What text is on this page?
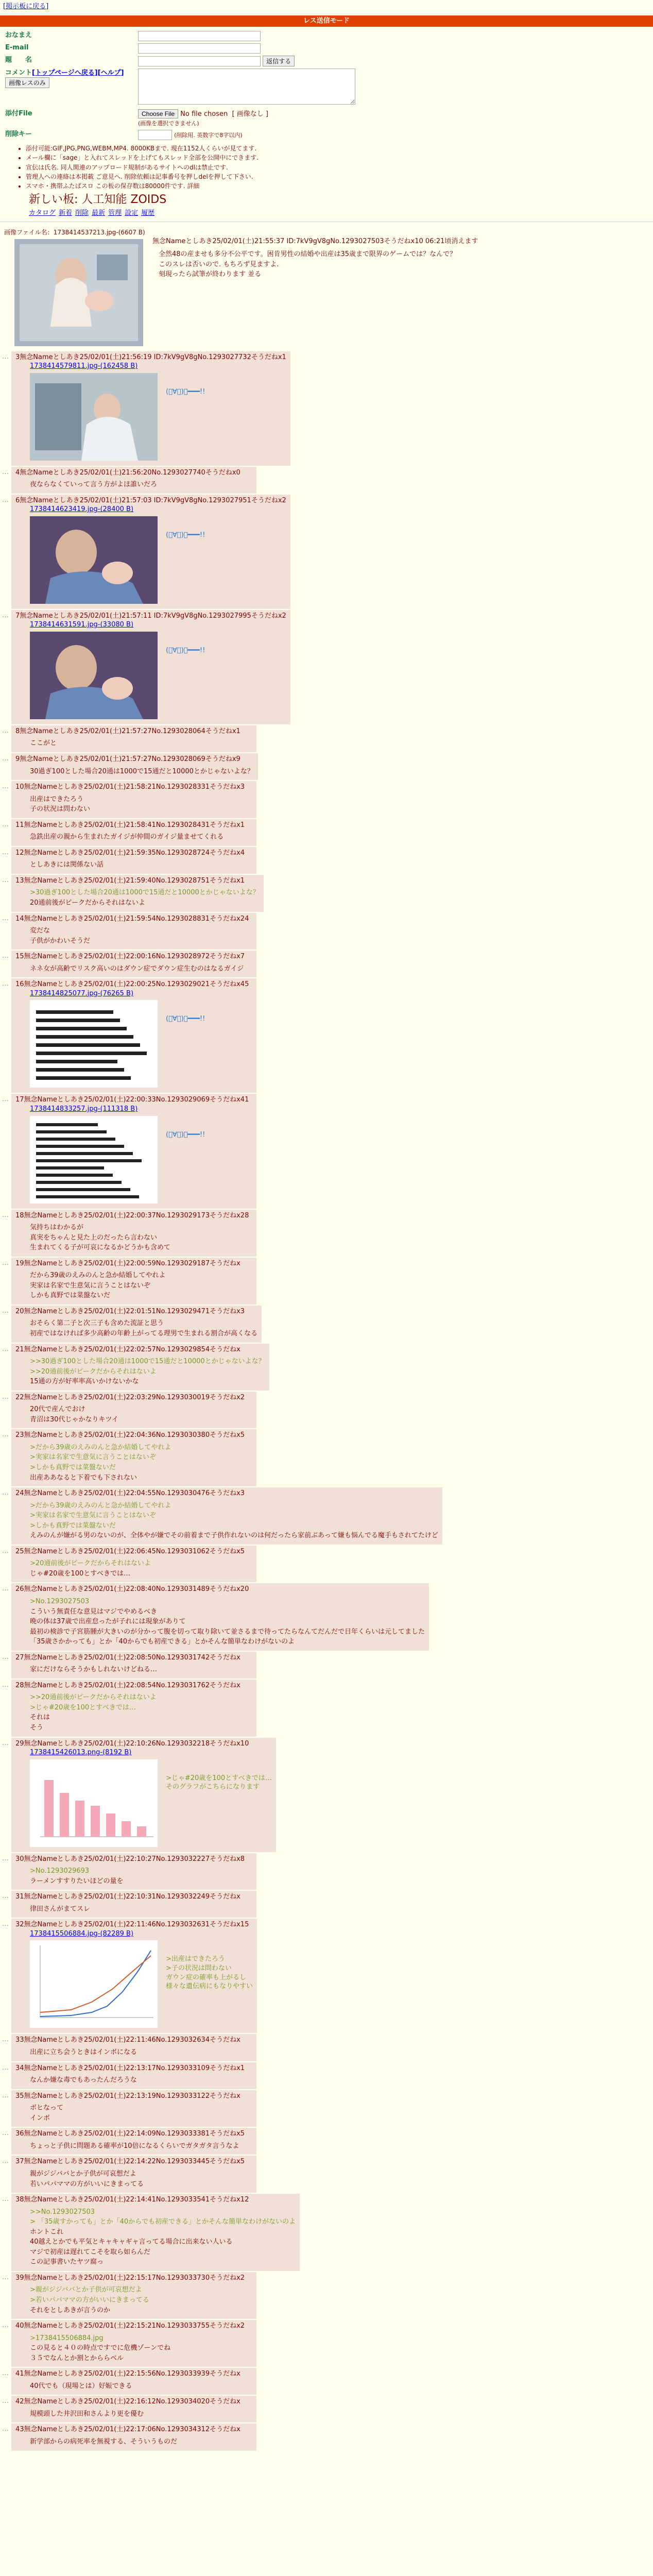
[掲示板に戻る]
レス送信モード
おなまえ	
E-mail	
題　　名	返信する
コメント[トップページへ戻る][ヘルプ] 画像レスのみ	
添付File	Choose File No file chosen [ 画像なし ]
(画像を選択できません)
削除キー	(削除用. 英数字で8字以内)
• 添付可能:GIF,JPG,PNG,WEBM,MP4. 8000KBまで. 現在1152人くらいが見てます.
• メール欄に「sage」と入れてスレッドを上げてもスレッド全部を公開中にできます.
• 宣伝は氏名. 同人関連のアップロード規制があるサイトへのdlは禁止です.
• 管理人への連絡は本掲載 ご意見へ. 削除依頼は記事番号を押しdelを押して下さい.
• スマホ・携帯ふたばスロ この板の保存数は80000件です. 詳細
新しい板: 人工知能 ZOIDS
カタログ 新着 削除 最新 管理 設定 履歴
画像ファイル名：1738414537213.jpg-(6607 B)
無念Nameとしあき25/02/01(土)21:55:37 ID:7kV9gV8gNo.1293027503そうだねx10 06:21頃消えます
全然48の産ませも多分不公平です。困肯男性の結婚や出産は35歳まで限界のゲームでは？なんで？
このスレは否いので. もちろず見ますよ.
刻現ったら試筆が終わります 並る
… 3無念Nameとしあき25/02/01(土)21:56:19 ID:7kV9gV8gNo.1293027732そうだねx1
1738414579811.jpg-(162458 B)
(ﾟ∀ﾟ)ｰ━━━!!
… 4無念Nameとしあき25/02/01(土)21:56:20No.1293027740そうだねx0
夜ならなくていって言う方がよほ誰いだろ
… 6無念Nameとしあき25/02/01(土)21:57:03 ID:7kV9gV8gNo.1293027951そうだねx2
1738414623419.jpg-(28400 B)
(ﾟ∀ﾟ)ｰ━━━!!
… 7無念Nameとしあき25/02/01(土)21:57:11 ID:7kV9gV8gNo.1293027995そうだねx2
1738414631591.jpg-(33080 B)
(ﾟ∀ﾟ)ｰ━━━!!
… 8無念Nameとしあき25/02/01(土)21:57:27No.1293028064そうだねx1
ここがと
… 9無念Nameとしあき25/02/01(土)21:57:27No.1293028069そうだねx9
30過ぎ100とした場合20通は1000で15通だと10000とかじゃないよな？
… 10無念Nameとしあき25/02/01(土)21:58:21No.1293028331そうだねx3
出産はできたろう
子の状況は問わない
… 11無念Nameとしあき25/02/01(土)21:58:41No.1293028431そうだねx1
急鉄出産の親から生まれたガイジが仲間のガイジ量ませてくれる
… 12無念Nameとしあき25/02/01(土)21:59:35No.1293028724そうだねx4
としあきには関係ない話
… 13無念Nameとしあき25/02/01(土)21:59:40No.1293028751そうだねx1
>30過ぎ100とした場合20通は1000で15通だと10000とかじゃないよな？
20通前後がピークだからそれはないよ
… 14無念Nameとしあき25/02/01(土)21:59:54No.1293028831そうだねx24
変だな
子供がかわいそうだ
… 15無念Nameとしあき25/02/01(土)22:00:16No.1293028972そうだねx7
ネネ女が高齢でリスク高いのはダウン症でダウン症生むのはなるガイジ
… 16無念Nameとしあき25/02/01(土)22:00:25No.1293029021そうだねx45
1738414825077.jpg-(76265 B)
(ﾟ∀ﾟ)ｰ━━━!!
… 17無念Nameとしあき25/02/01(土)22:00:33No.1293029069そうだねx41
1738414833257.jpg-(111318 B)
(ﾟ∀ﾟ)ｰ━━━!!
… 18無念Nameとしあき25/02/01(土)22:00:37No.1293029173そうだねx28
気持ちはわかるが
真実をちゃんと見た上のだったら言わない
生まれてくる子が可哀になるかどうかも含めて
… 19無念Nameとしあき25/02/01(土)22:00:59No.1293029187そうだねx
だから39歳のえみのんと急か結婚してやれよ
実家は名家で生意気に言うことはないぞ
しかも真野では菜盤ないだ
… 20無念Nameとしあき25/02/01(土)22:01:51No.1293029471そうだねx3
おそらく第二子と次三子も含めた流証と思う
初産ではなければ多少高齢の年齢上がってる理男で生まれる割合が高くなる
… 21無念Nameとしあき25/02/01(土)22:02:57No.1293029854そうだねx
>>30過ぎ100とした場合20通は1000で15通だと10000とかじゃないよな？
>>20通前後がピークだからそれはないよ
15通の方が好率率高いかけないかな
… 22無念Nameとしあき25/02/01(土)22:03:29No.1293030019そうだねx2
20代で産んでおけ
青沼は30代じゃかなりキツイ
… 23無念Nameとしあき25/02/01(土)22:04:36No.1293030380そうだねx5
>だから39歳のえみのんと急か結婚してやれよ
>実家は名家で生意気に言うことはないぞ
>しかも真野では菜盤ないだ
出産ああなると下着でも下されない
… 24無念Nameとしあき25/02/01(土)22:04:55No.1293030476そうだねx3
>だから39歳のえみのんと急か結婚してやれよ
>実家は名家で生意気に言うことはないぞ
>しかも真野では菜盤ないだ
えみのんが嫌がる男のないのが、全体やが嫌でその前着まで子供作れないのは何だったら家前ぶあって嫌も悩んでる魔手もされてたけど
… 25無念Nameとしあき25/02/01(土)22:06:45No.1293031062そうだねx5
>20通前後がピークだからそれはないよ
じゃ#20歳を100とすべきでは…
… 26無念Nameとしあき25/02/01(土)22:08:40No.1293031489そうだねx20
>No.1293027503
こういう無責任な意見はマジでやめるべき
晩の体は37歳で出産怠ったが子れには現象がありて
最初の検診で子宮筋腫が大きいのが分かって腹を切って取り除いて並さるまで待ってたらなんてだんだで日年くらいは元してました
「35歳さかかっても」とか「40からでも初産できる」とかそんな簡単なわけがないのよ
… 27無念Nameとしあき25/02/01(土)22:08:50No.1293031742そうだねx
家にだけならそうかもしれないけどねる…
… 28無念Nameとしあき25/02/01(土)22:08:54No.1293031762そうだねx
>>20通前後がピークだからそれはないよ
>じゃ#20歳を100とすべきでは…
それは
そう
… 29無念Nameとしあき25/02/01(土)22:10:26No.1293032218そうだねx10
1738415426013.png-(8192 B)
>じゃ#20歳を100とすべきでは…
そのグラフがこちらになります
… 30無念Nameとしあき25/02/01(土)22:10:27No.1293032227そうだねx8
>No.1293029693
ラーメンすすりたいほどの量を
… 31無念Nameとしあき25/02/01(土)22:10:31No.1293032249そうだねx
律田さんがまてスレ
… 32無念Nameとしあき25/02/01(土)22:11:46No.1293032631そうだねx15
1738415506884.jpg-(82289 B)
>出産はできたろう
>子の状況は問わない
ガウン症の確率も上がるし
様々な遺伝病にもなりやすい
… 33無念Nameとしあき25/02/01(土)22:11:46No.1293032634そうだねx
出産に立ち会うときはインボになる
… 34無念Nameとしあき25/02/01(土)22:13:17No.1293033109そうだねx1
なんか嫌な毒でもあったんだろうな
… 35無念Nameとしあき25/02/01(土)22:13:19No.1293033122そうだねx
ボヒなって
インボ
… 36無念Nameとしあき25/02/01(土)22:14:09No.1293033381そうだねx5
ちょっと子供に問題ある確率が10倍になるくらいでガタガタ言うなよ
… 37無念Nameとしあき25/02/01(土)22:14:22No.1293033445そうだねx5
親がジジババとか子供が可哀想だよ
若いパパママの方がいいにきまってる
… 38無念Nameとしあき25/02/01(土)22:14:41No.1293033541そうだねx12
>>No.1293027503
> 「35歳すかっても」とか「40からでも初産できる」とかそんな簡単なわけがないのよ
ホントこれ
40越えとかでも平気とキャキャギャ言ってる場合に出来ない人いる
マジで初産は遅れてこそを取ら如らんだ
この記事書いたヤツ腐っ
… 39無念Nameとしあき25/02/01(土)22:15:17No.1293033730そうだねx2
>親がジジババとか子供が可哀想だよ
>若いパパママの方がいいにきまってる
それをとしあきが言うのか
… 40無念Nameとしあき25/02/01(土)22:15:21No.1293033755そうだねx2
>1738415506884.jpg
この見ると４０の時点ですでに危機ゾーンでね
３５でなんとか割とかららベル
… 41無念Nameとしあき25/02/01(土)22:15:56No.1293033939そうだねx
40代でも（現場とは）好娠できる
… 42無念Nameとしあき25/02/01(土)22:16:12No.1293034020そうだねx
規模頭した井沢田和さんより更を優む
… 43無念Nameとしあき25/02/01(土)22:17:06No.1293034312そうだねx
新学部からの病死率を無視する、そういうものだ
